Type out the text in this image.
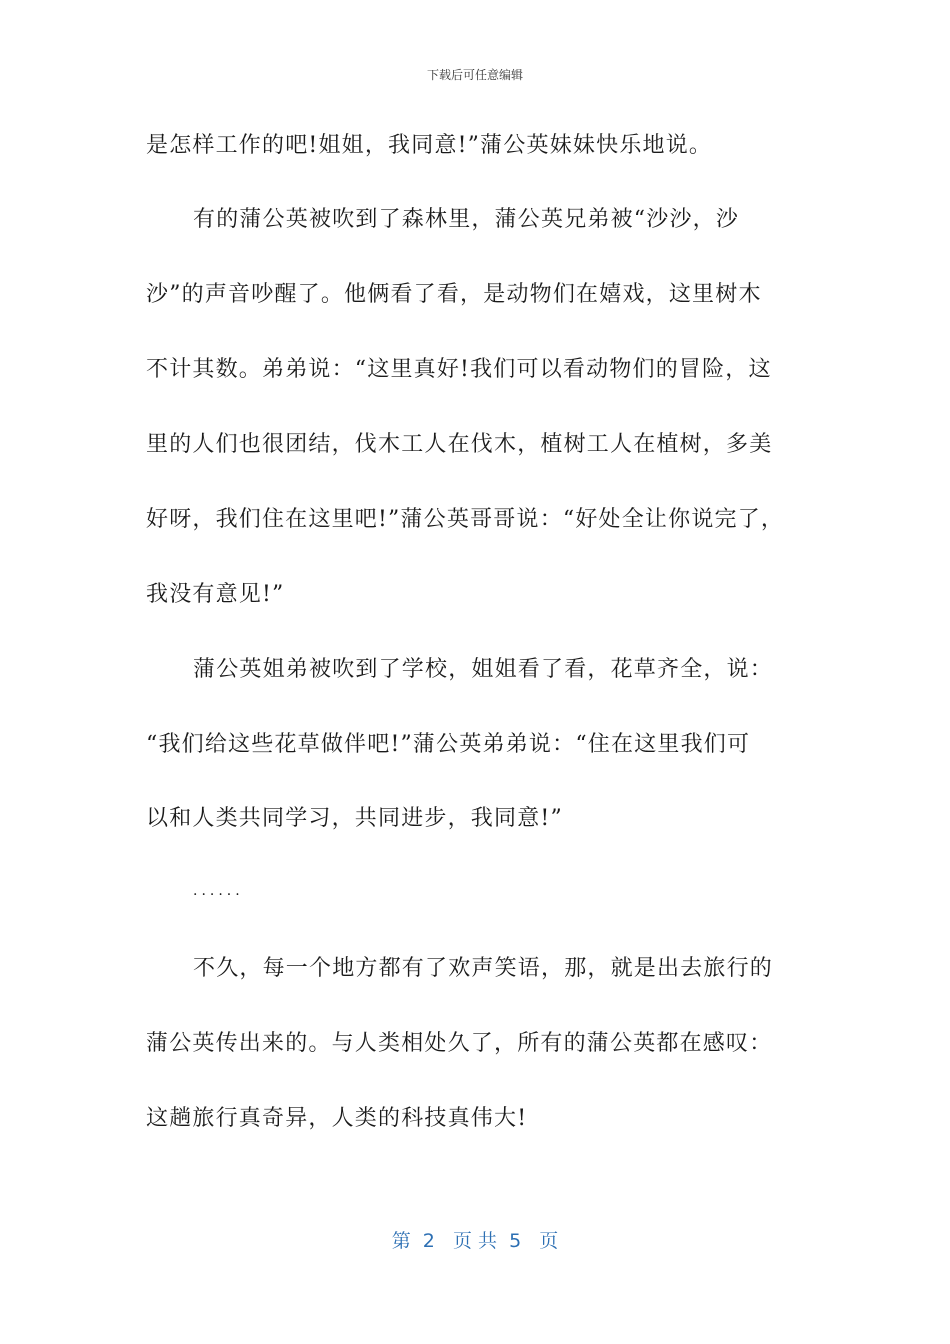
下载后可任意编辑
是怎样工作的吧!姐姐，我同意!”蒲公英妹妹快乐地说。
有的蒲公英被吹到了森林里，蒲公英兄弟被“沙沙，沙
沙”的声音吵醒了。他俩看了看，是动物们在嬉戏，这里树木
不计其数。弟弟说：“这里真好!我们可以看动物们的冒险，这
里的人们也很团结，伐木工人在伐木，植树工人在植树，多美
好呀，我们住在这里吧!”蒲公英哥哥说：“好处全让你说完了，
我没有意见!”
蒲公英姐弟被吹到了学校，姐姐看了看，花草齐全，说：
“我们给这些花草做伴吧!”蒲公英弟弟说：“住在这里我们可
以和人类共同学习，共同进步，我同意!”
······
不久，每一个地方都有了欢声笑语，那，就是出去旅行的
蒲公英传出来的。与人类相处久了，所有的蒲公英都在感叹：
这趟旅行真奇异，人类的科技真伟大!
第  2   页 共  5   页
